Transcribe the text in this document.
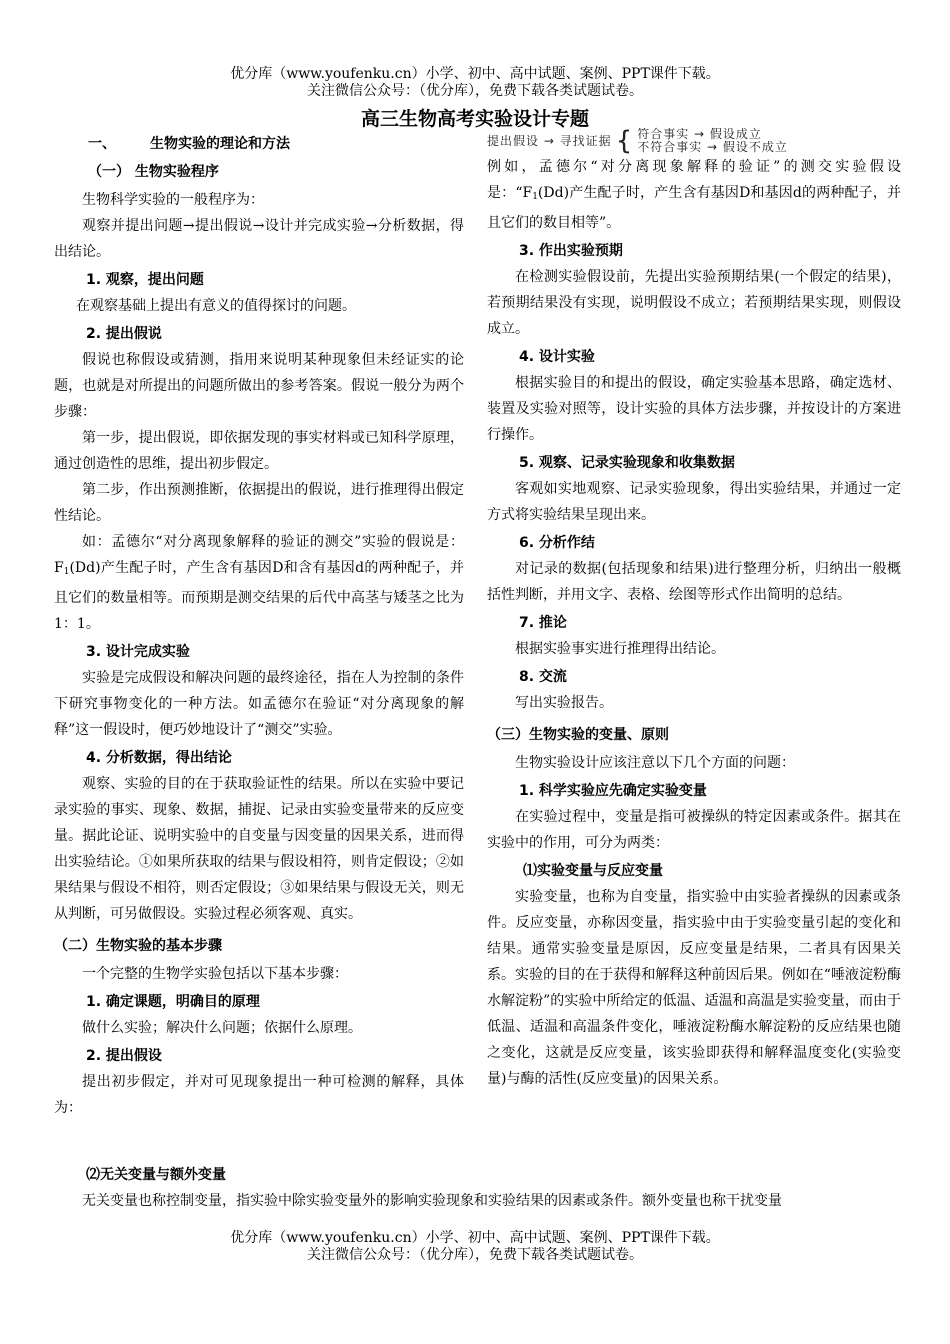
优分库（www.youfenku.cn）小学、初中、高中试题、案例、PPT课件下载。
关注微信公众号：（优分库），免费下载各类试题试卷。
高三生物高考实验设计专题
一、 生物实验的理论和方法
（一） 生物实验程序

生物科学实验的一般程序为：

观察并提出问题→提出假说→设计并完成实验→分析数据，得出结论。

1. 观察，提出问题

在观察基础上提出有意义的值得探讨的问题。

2. 提出假说

假说也称假设或猜测，指用来说明某种现象但未经证实的论题，也就是对所提出的问题所做出的参考答案。假说一般分为两个步骤：

第一步，提出假说，即依据发现的事实材料或已知科学原理，通过创造性的思维，提出初步假定。

第二步，作出预测推断，依据提出的假说，进行推理得出假定性结论。

如：孟德尔“对分离现象解释的验证的测交”实验的假说是：$F_1(Dd)$产生配子时，产生含有基因D和含有基因d的两种配子，并且它们的数量相等。而预期是测交结果的后代中高茎与矮茎之比为1：1。

3. 设计完成实验

实验是完成假设和解决问题的最终途径，指在人为控制的条件下研究事物变化的一种方法。如孟德尔在验证“对分离现象的解释”这一假设时，便巧妙地设计了“测交”实验。

4. 分析数据，得出结论

观察、实验的目的在于获取验证性的结果。所以在实验中要记录实验的事实、现象、数据，捕捉、记录由实验变量带来的反应变量。据此论证、说明实验中的自变量与因变量的因果关系，进而得出实验结论。①如果所获取的结果与假设相符，则肯定假设；②如果结果与假设不相符，则否定假设；③如果结果与假设无关，则无从判断，可另做假设。实验过程必须客观、真实。

（二）生物实验的基本步骤

一个完整的生物学实验包括以下基本步骤：

1. 确定课题，明确目的原理

做什么实验；解决什么问题；依据什么原理。

2. 提出假设

提出初步假定，并对可见现象提出一种可检测的解释，具体为：

提出假设 → 寻找证据 { 符合事实 → 假设成立
不符合事实 → 假设不成立

例如，孟德尔“对分离现象解释的验证”的测交实验假设是：“$F_1(Dd)$产生配子时，产生含有基因D和基因d的两种配子，并且它们的数目相等”。

3. 作出实验预期

在检测实验假设前，先提出实验预期结果(一个假定的结果)，若预期结果没有实现，说明假设不成立；若预期结果实现，则假设成立。

4. 设计实验

根据实验目的和提出的假设，确定实验基本思路，确定选材、装置及实验对照等，设计实验的具体方法步骤，并按设计的方案进行操作。

5. 观察、记录实验现象和收集数据

客观如实地观察、记录实验现象，得出实验结果，并通过一定方式将实验结果呈现出来。

6. 分析作结

对记录的数据(包括现象和结果)进行整理分析，归纳出一般概括性判断，并用文字、表格、绘图等形式作出简明的总结。

7. 推论

根据实验事实进行推理得出结论。

8. 交流

写出实验报告。

（三）生物实验的变量、原则

生物实验设计应该注意以下几个方面的问题：

1. 科学实验应先确定实验变量

在实验过程中，变量是指可被操纵的特定因素或条件。据其在实验中的作用，可分为两类：

⑴实验变量与反应变量

实验变量，也称为自变量，指实验中由实验者操纵的因素或条件。反应变量，亦称因变量，指实验中由于实验变量引起的变化和结果。通常实验变量是原因，反应变量是结果，二者具有因果关系。实验的目的在于获得和解释这种前因后果。例如在“唾液淀粉酶水解淀粉”的实验中所给定的低温、适温和高温是实验变量，而由于低温、适温和高温条件变化，唾液淀粉酶水解淀粉的反应结果也随之变化，这就是反应变量，该实验即获得和解释温度变化(实验变量)与酶的活性(反应变量)的因果关系。

⑵无关变量与额外变量

无关变量也称控制变量，指实验中除实验变量外的影响实验现象和实验结果的因素或条件。额外变量也称干扰变量

优分库（www.youfenku.cn）小学、初中、高中试题、案例、PPT课件下载。
关注微信公众号：（优分库），免费下载各类试题试卷。
